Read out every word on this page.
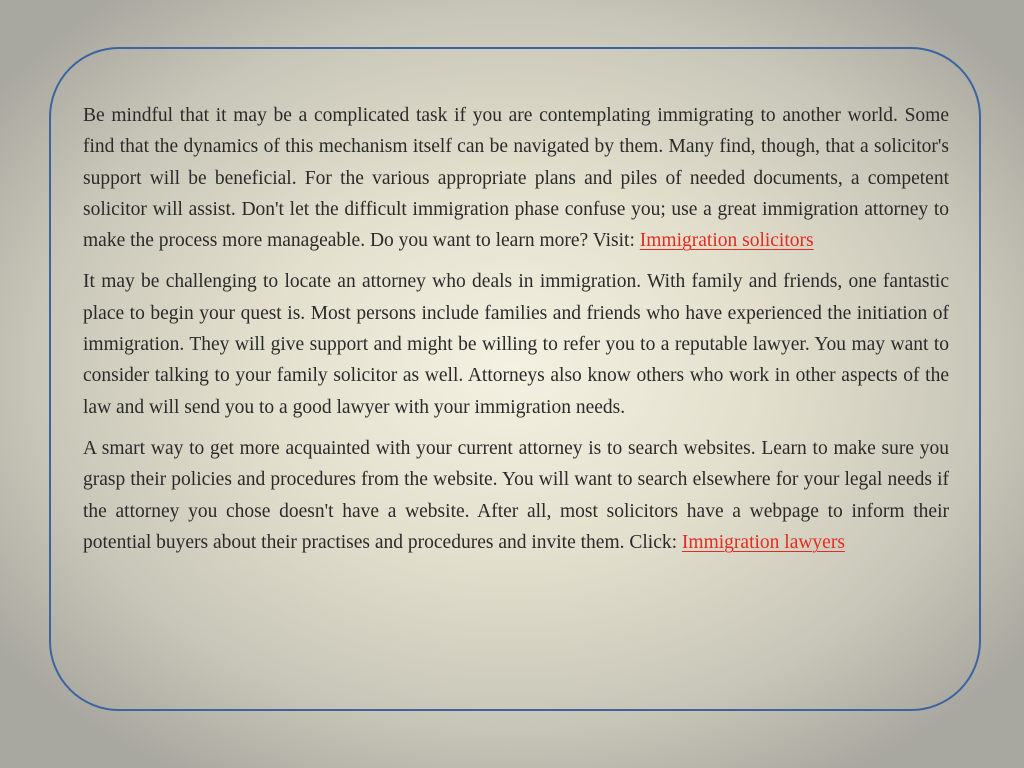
Be mindful that it may be a complicated task if you are contemplating immigrating to another world. Some find that the dynamics of this mechanism itself can be navigated by them. Many find, though, that a solicitor's support will be beneficial. For the various appropriate plans and piles of needed documents, a competent solicitor will assist. Don't let the difficult immigration phase confuse you; use a great immigration attorney to make the process more manageable. Do you want to learn more? Visit: Immigration solicitors

It may be challenging to locate an attorney who deals in immigration. With family and friends, one fantastic place to begin your quest is. Most persons include families and friends who have experienced the initiation of immigration. They will give support and might be willing to refer you to a reputable lawyer. You may want to consider talking to your family solicitor as well. Attorneys also know others who work in other aspects of the law and will send you to a good lawyer with your immigration needs.

A smart way to get more acquainted with your current attorney is to search websites. Learn to make sure you grasp their policies and procedures from the website. You will want to search elsewhere for your legal needs if the attorney you chose doesn't have a website. After all, most solicitors have a webpage to inform their potential buyers about their practises and procedures and invite them. Click: Immigration lawyers
